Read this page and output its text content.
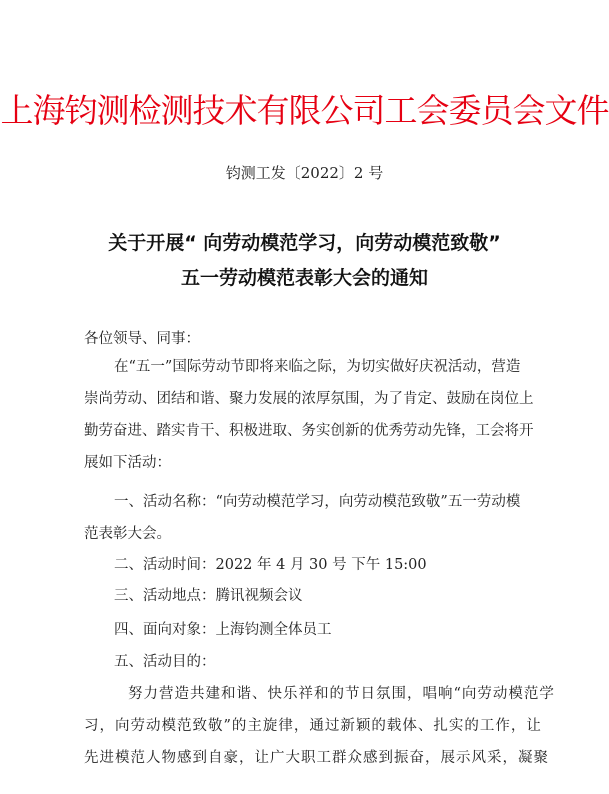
上海钧测检测技术有限公司工会委员会文件
钧测工发〔2022〕2 号
关于开展“ 向劳动模范学习，向劳动模范致敬”
五一劳动模范表彰大会的通知
各位领导、同事：
在“五一”国际劳动节即将来临之际，为切实做好庆祝活动，营造
崇尚劳动、团结和谐、聚力发展的浓厚氛围，为了肯定、鼓励在岗位上
勤劳奋进、踏实肯干、积极进取、务实创新的优秀劳动先锋，工会将开
展如下活动：
一、活动名称：“向劳动模范学习，向劳动模范致敬”五一劳动模
范表彰大会。
二、活动时间：2022 年 4 月 30 号 下午 15:00
三、活动地点：腾讯视频会议
四、面向对象：上海钧测全体员工
五、活动目的：
努力营造共建和谐、快乐祥和的节日氛围，唱响“向劳动模范学
习，向劳动模范致敬”的主旋律，通过新颖的载体、扎实的工作，让
先进模范人物感到自豪，让广大职工群众感到振奋，展示风采，凝聚
